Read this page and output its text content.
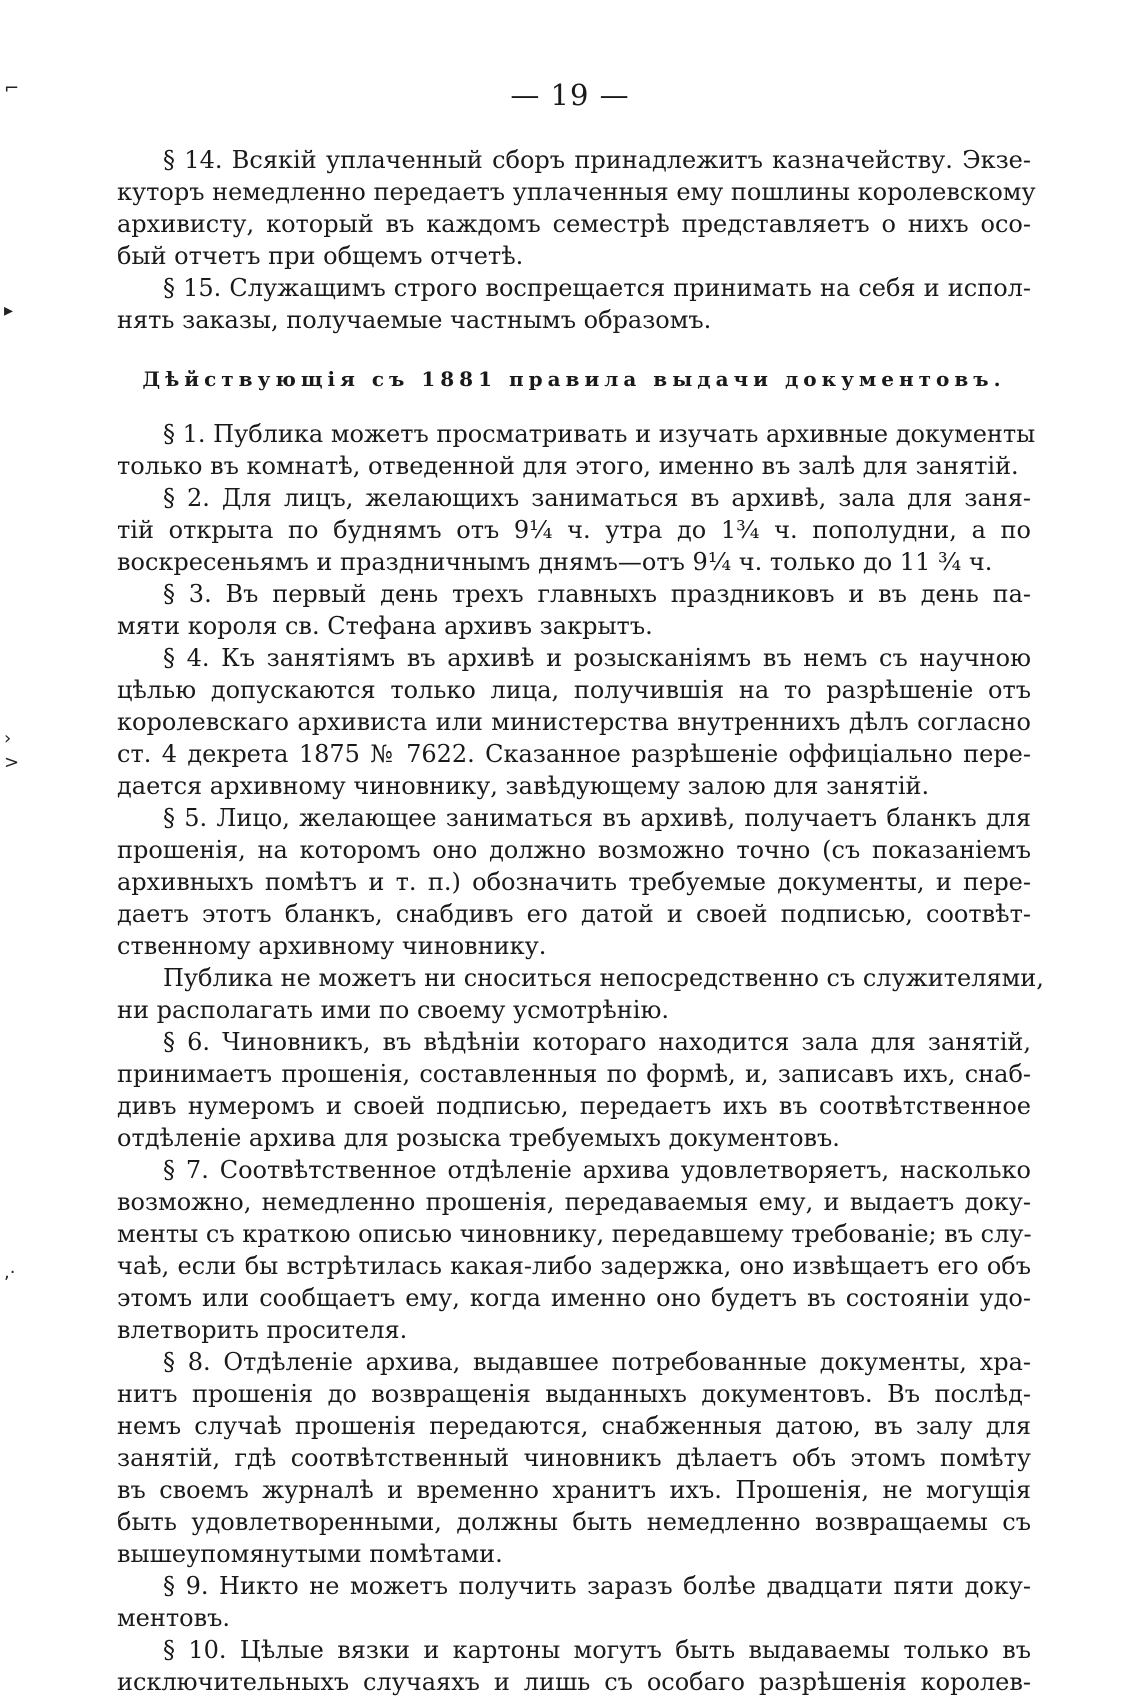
⌐
▸
›
>
,·
— 19 —
§ 14. Всякій уплаченный сборъ принадлежитъ казначейству. Экзе-
куторъ немедленно передаетъ уплаченныя ему пошлины королевскому
архивисту, который въ каждомъ семестрѣ представляетъ о нихъ осо-
бый отчетъ при общемъ отчетѣ.
§ 15. Служащимъ строго воспрещается принимать на себя и испол-
нять заказы, получаемые частнымъ образомъ.
Дѣйствующія съ 1881 правила выдачи документовъ.
§ 1. Публика можетъ просматривать и изучать архивные документы
только въ комнатѣ, отведенной для этого, именно въ залѣ для занятій.
§ 2. Для лицъ, желающихъ заниматься въ архивѣ, зала для заня-
тій открыта по буднямъ отъ 9¼ ч. утра до 1¾ ч. пополудни, а по
воскресеньямъ и праздничнымъ днямъ—отъ 9¼ ч. только до 11 ¾ ч.
§ 3. Въ первый день трехъ главныхъ праздниковъ и въ день па-
мяти короля св. Стефана архивъ закрытъ.
§ 4. Къ занятіямъ въ архивѣ и розысканіямъ въ немъ съ научною
цѣлью допускаются только лица, получившія на то разрѣшеніе отъ
королевскаго архивиста или министерства внутреннихъ дѣлъ согласно
ст. 4 декрета 1875 № 7622. Сказанное разрѣшеніе оффиціально пере-
дается архивному чиновнику, завѣдующему залою для занятій.
§ 5. Лицо, желающее заниматься въ архивѣ, получаетъ бланкъ для
прошенія, на которомъ оно должно возможно точно (съ показаніемъ
архивныхъ помѣтъ и т. п.) обозначить требуемые документы, и пере-
даетъ этотъ бланкъ, снабдивъ его датой и своей подписью, соотвѣт-
ственному архивному чиновнику.
Публика не можетъ ни сноситься непосредственно съ служителями,
ни располагать ими по своему усмотрѣнію.
§ 6. Чиновникъ, въ вѣдѣніи котораго находится зала для занятій,
принимаетъ прошенія, составленныя по формѣ, и, записавъ ихъ, снаб-
дивъ нумеромъ и своей подписью, передаетъ ихъ въ соотвѣтственное
отдѣленіе архива для розыска требуемыхъ документовъ.
§ 7. Соотвѣтственное отдѣленіе архива удовлетворяетъ, насколько
возможно, немедленно прошенія, передаваемыя ему, и выдаетъ доку-
менты съ краткою описью чиновнику, передавшему требованіе; въ слу-
чаѣ, если бы встрѣтилась какая-либо задержка, оно извѣщаетъ его объ
этомъ или сообщаетъ ему, когда именно оно будетъ въ состояніи удо-
влетворить просителя.
§ 8. Отдѣленіе архива, выдавшее потребованные документы, хра-
нитъ прошенія до возвращенія выданныхъ документовъ. Въ послѣд-
немъ случаѣ прошенія передаются, снабженныя датою, въ залу для
занятій, гдѣ соотвѣтственный чиновникъ дѣлаетъ объ этомъ помѣту
въ своемъ журналѣ и временно хранитъ ихъ. Прошенія, не могущія
быть удовлетворенными, должны быть немедленно возвращаемы съ
вышеупомянутыми помѣтами.
§ 9. Никто не можетъ получить заразъ болѣе двадцати пяти доку-
ментовъ.
§ 10. Цѣлые вязки и картоны могутъ быть выдаваемы только въ
исключительныхъ случаяхъ и лишь съ особаго разрѣшенія королев-
